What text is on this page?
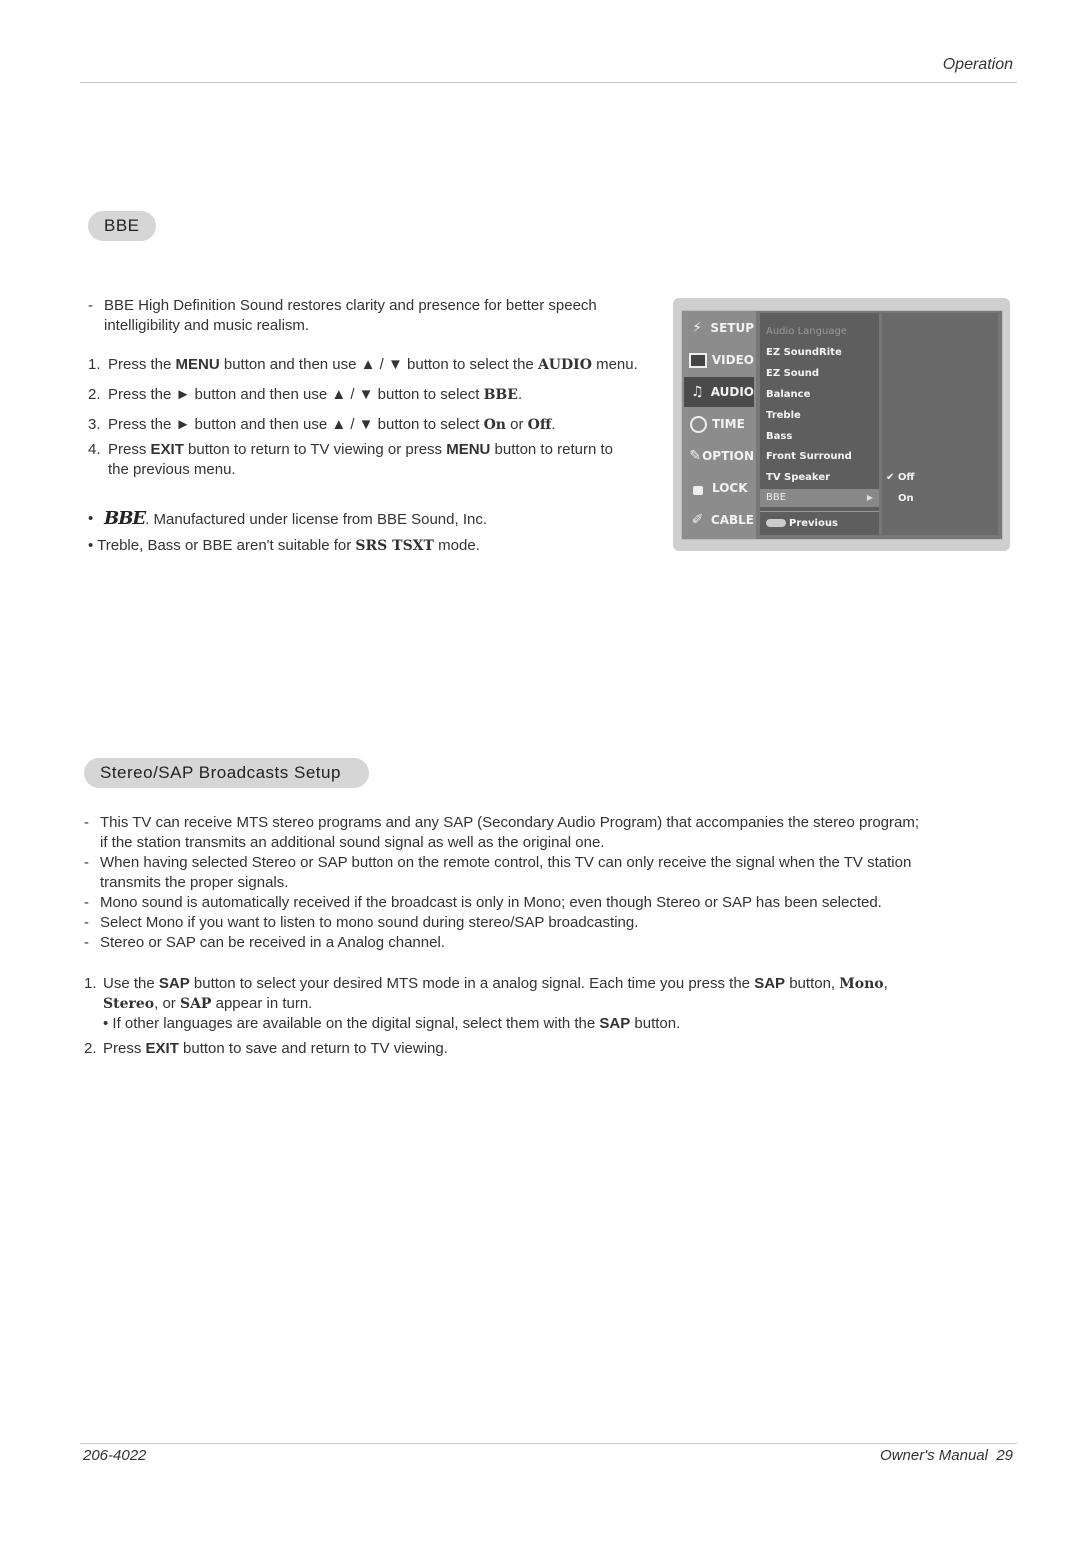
Operation
BBE
- BBE High Definition Sound restores clarity and presence for better speech
intelligibility and music realism.
1. Press the MENU button and then use ▲ / ▼ button to select the AUDIO menu.
2. Press the ► button and then use ▲ / ▼ button to select BBE.
3. Press the ► button and then use ▲ / ▼ button to select On or Off.
4. Press EXIT button to return to TV viewing or press MENU button to return to
the previous menu.
• BBE. Manufactured under license from BBE Sound, Inc.
• Treble, Bass or BBE aren't suitable for SRS TSXT mode.
⚡ SETUP
VIDEO
♫ AUDIO
TIME
✎ OPTION
LOCK
✐ CABLE
Audio Language
EZ SoundRite
EZ Sound
Balance
Treble
Bass
Front Surround
TV Speaker
BBE	▶
Previous
✔ Off
On
Stereo/SAP Broadcasts Setup
- This TV can receive MTS stereo programs and any SAP (Secondary Audio Program) that accompanies the stereo program;
if the station transmits an additional sound signal as well as the original one.
- When having selected Stereo or SAP button on the remote control, this TV can only receive the signal when the TV station
transmits the proper signals.
- Mono sound is automatically received if the broadcast is only in Mono; even though Stereo or SAP has been selected.
- Select Mono if you want to listen to mono sound during stereo/SAP broadcasting.
- Stereo or SAP can be received in a Analog channel.
1. Use the SAP button to select your desired MTS mode in a analog signal. Each time you press the SAP button, Mono,
Stereo, or SAP appear in turn.
• If other languages are available on the digital signal, select them with the SAP button.
2. Press EXIT button to save and return to TV viewing.
206-4022	Owner's Manual 29
